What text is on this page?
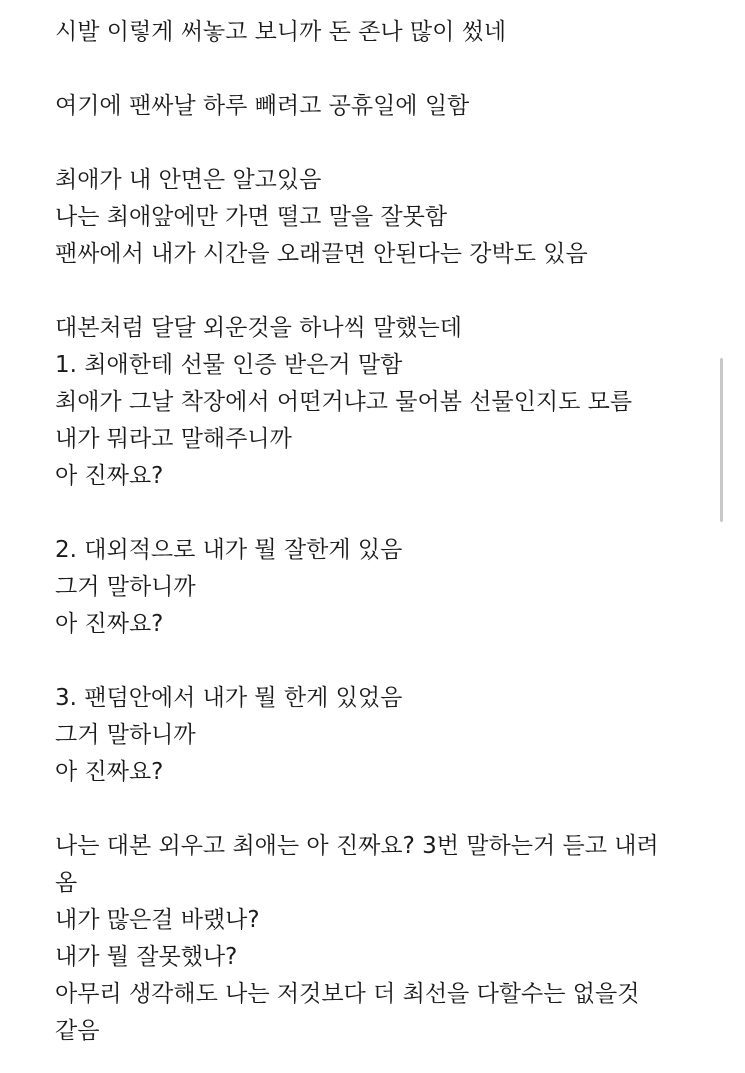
시발 이렇게 써놓고 보니까 돈 존나 많이 썼네
여기에 팬싸날 하루 빼려고 공휴일에 일함
최애가 내 안면은 알고있음
나는 최애앞에만 가면 떨고 말을 잘못함
팬싸에서 내가 시간을 오래끌면 안된다는 강박도 있음
대본처럼 달달 외운것을 하나씩 말했는데
1. 최애한테 선물 인증 받은거 말함
최애가 그날 착장에서 어떤거냐고 물어봄 선물인지도 모름
내가 뭐라고 말해주니까
아 진짜요?
2. 대외적으로 내가 뭘 잘한게 있음
그거 말하니까
아 진짜요?
3. 팬덤안에서 내가 뭘 한게 있었음
그거 말하니까
아 진짜요?
나는 대본 외우고 최애는 아 진짜요? 3번 말하는거 듣고 내려
옴
내가 많은걸 바랬나?
내가 뭘 잘못했나?
아무리 생각해도 나는 저것보다 더 최선을 다할수는 없을것
같음
